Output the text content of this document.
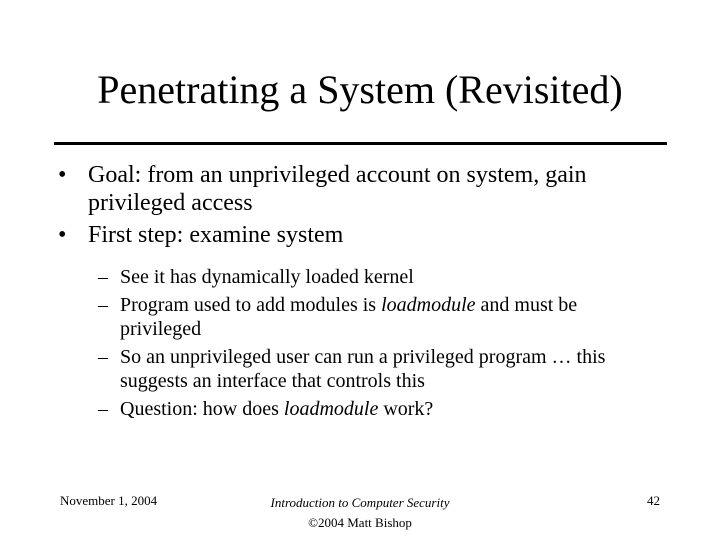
Penetrating a System (Revisited)
• Goal: from an unprivileged account on system, gain privileged access
• First step: examine system
– See it has dynamically loaded kernel
– Program used to add modules is loadmodule and must be privileged
– So an unprivileged user can run a privileged program … this suggests an interface that controls this
– Question: how does loadmodule work?
November 1, 2004	Introduction to Computer Security
©2004 Matt Bishop
42
